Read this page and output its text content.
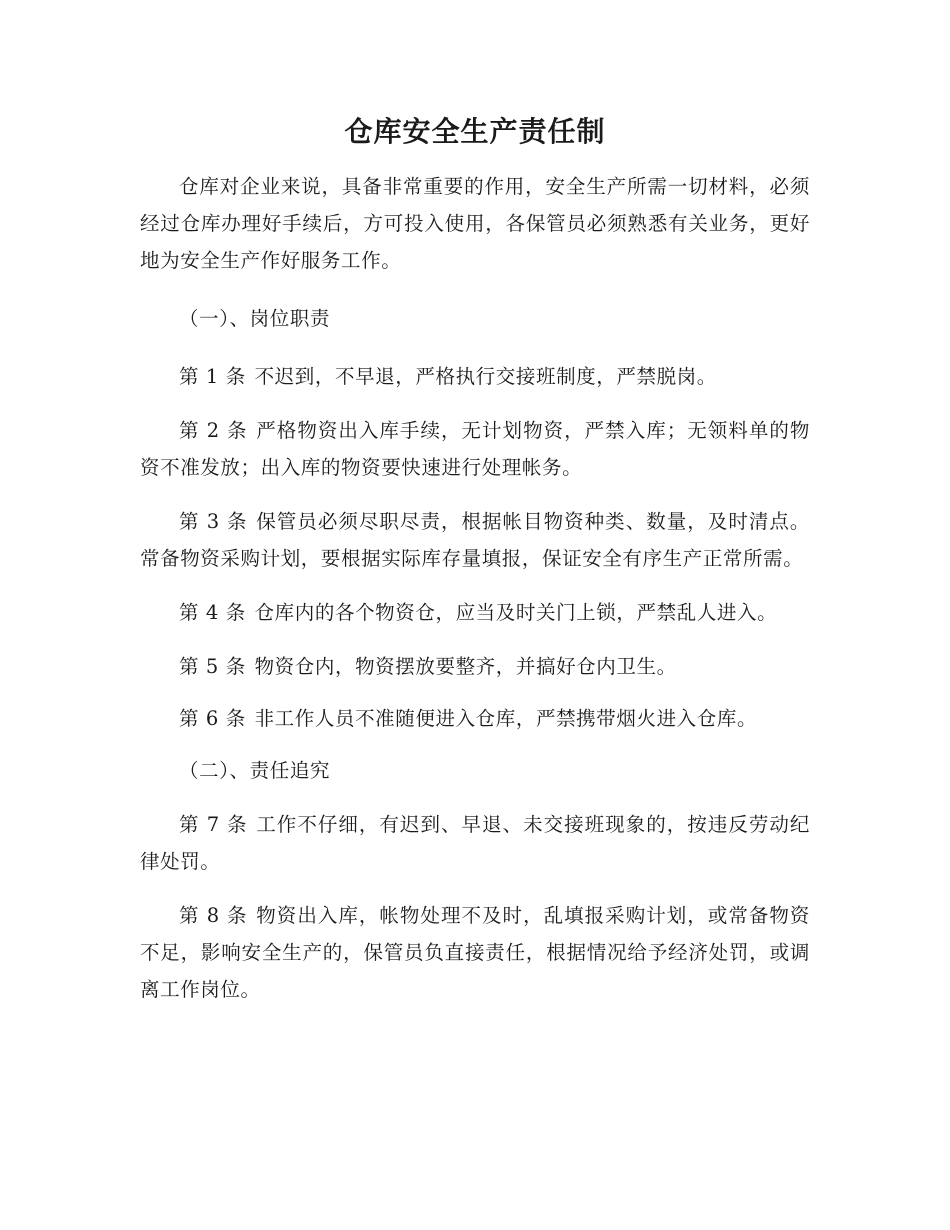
仓库安全生产责任制

仓库对企业来说，具备非常重要的作用，安全生产所需一切材料，必须经过仓库办理好手续后，方可投入使用，各保管员必须熟悉有关业务，更好地为安全生产作好服务工作。

（一）、岗位职责

第 1 条 不迟到，不早退，严格执行交接班制度，严禁脱岗。

第 2 条 严格物资出入库手续，无计划物资，严禁入库；无领料单的物资不准发放；出入库的物资要快速进行处理帐务。

第 3 条 保管员必须尽职尽责，根据帐目物资种类、数量，及时清点。常备物资采购计划，要根据实际库存量填报，保证安全有序生产正常所需。

第 4 条 仓库内的各个物资仓，应当及时关门上锁，严禁乱人进入。

第 5 条 物资仓内，物资摆放要整齐，并搞好仓内卫生。

第 6 条 非工作人员不准随便进入仓库，严禁携带烟火进入仓库。

（二）、责任追究

第 7 条 工作不仔细，有迟到、早退、未交接班现象的，按违反劳动纪律处罚。

第 8 条 物资出入库，帐物处理不及时，乱填报采购计划，或常备物资不足，影响安全生产的，保管员负直接责任，根据情况给予经济处罚，或调离工作岗位。
